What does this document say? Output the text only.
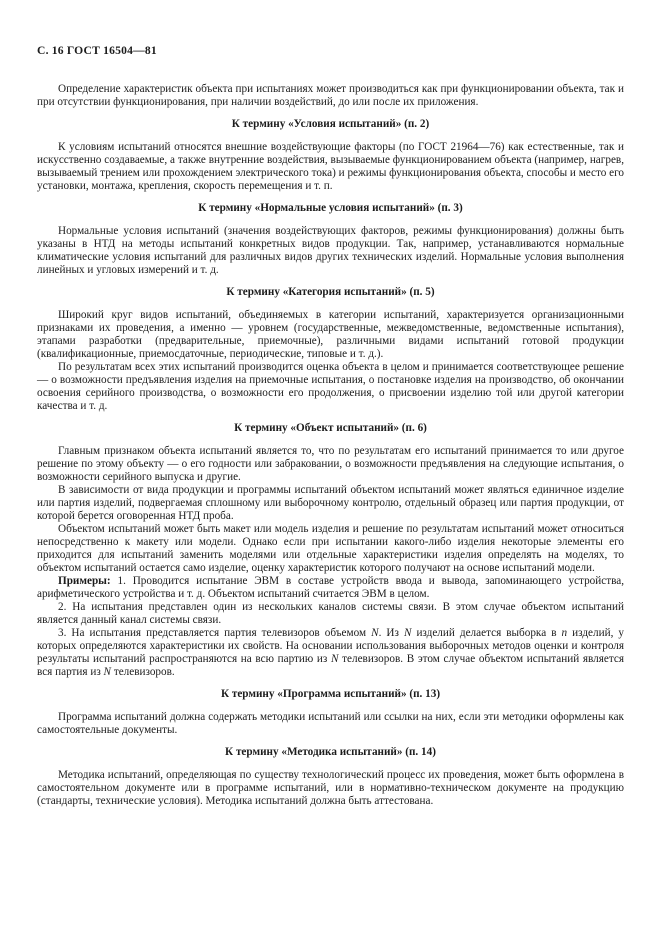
С. 16 ГОСТ 16504—81

Определение характеристик объекта при испытаниях может производиться как при функционировании объекта, так и при отсутствии функционирования, при наличии воздействий, до или после их приложения.

К термину «Условия испытаний» (п. 2)

К условиям испытаний относятся внешние воздействующие факторы (по ГОСТ 21964—76) как естественные, так и искусственно создаваемые, а также внутренние воздействия, вызываемые функционированием объекта (например, нагрев, вызываемый трением или прохождением электрического тока) и режимы функционирования объекта, способы и место его установки, монтажа, крепления, скорость перемещения и т. п.

К термину «Нормальные условия испытаний» (п. 3)

Нормальные условия испытаний (значения воздействующих факторов, режимы функционирования) должны быть указаны в НТД на методы испытаний конкретных видов продукции. Так, например, устанавливаются нормальные климатические условия испытаний для различных видов других технических изделий. Нормальные условия выполнения линейных и угловых измерений и т. д.

К термину «Категория испытаний» (п. 5)

Широкий круг видов испытаний, объединяемых в категории испытаний, характеризуется организационными признаками их проведения, а именно — уровнем (государственные, межведомственные, ведомственные испытания), этапами разработки (предварительные, приемочные), различными видами испытаний готовой продукции (квалификационные, приемосдаточные, периодические, типовые и т. д.).

По результатам всех этих испытаний производится оценка объекта в целом и принимается соответствующее решение — о возможности предъявления изделия на приемочные испытания, о постановке изделия на производство, об окончании освоения серийного производства, о возможности его продолжения, о присвоении изделию той или другой категории качества и т. д.

К термину «Объект испытаний» (п. 6)

Главным признаком объекта испытаний является то, что по результатам его испытаний принимается то или другое решение по этому объекту — о его годности или забраковании, о возможности предъявления на следующие испытания, о возможности серийного выпуска и другие.

В зависимости от вида продукции и программы испытаний объектом испытаний может являться единичное изделие или партия изделий, подвергаемая сплошному или выборочному контролю, отдельный образец или партия продукции, от которой берется оговоренная НТД проба.

Объектом испытаний может быть макет или модель изделия и решение по результатам испытаний может относиться непосредственно к макету или модели. Однако если при испытании какого-либо изделия некоторые элементы его приходится для испытаний заменить моделями или отдельные характеристики изделия определять на моделях, то объектом испытаний остается само изделие, оценку характеристик которого получают на основе испытаний модели.

Примеры: 1. Проводится испытание ЭВМ в составе устройств ввода и вывода, запоминающего устройства, арифметического устройства и т. д. Объектом испытаний считается ЭВМ в целом.

2. На испытания представлен один из нескольких каналов системы связи. В этом случае объектом испытаний является данный канал системы связи.

3. На испытания представляется партия телевизоров объемом N. Из N изделий делается выборка в n изделий, у которых определяются характеристики их свойств. На основании использования выборочных методов оценки и контроля результаты испытаний распространяются на всю партию из N телевизоров. В этом случае объектом испытаний является вся партия из N телевизоров.

К термину «Программа испытаний» (п. 13)

Программа испытаний должна содержать методики испытаний или ссылки на них, если эти методики оформлены как самостоятельные документы.

К термину «Методика испытаний» (п. 14)

Методика испытаний, определяющая по существу технологический процесс их проведения, может быть оформлена в самостоятельном документе или в программе испытаний, или в нормативно-техническом документе на продукцию (стандарты, технические условия). Методика испытаний должна быть аттестована.
